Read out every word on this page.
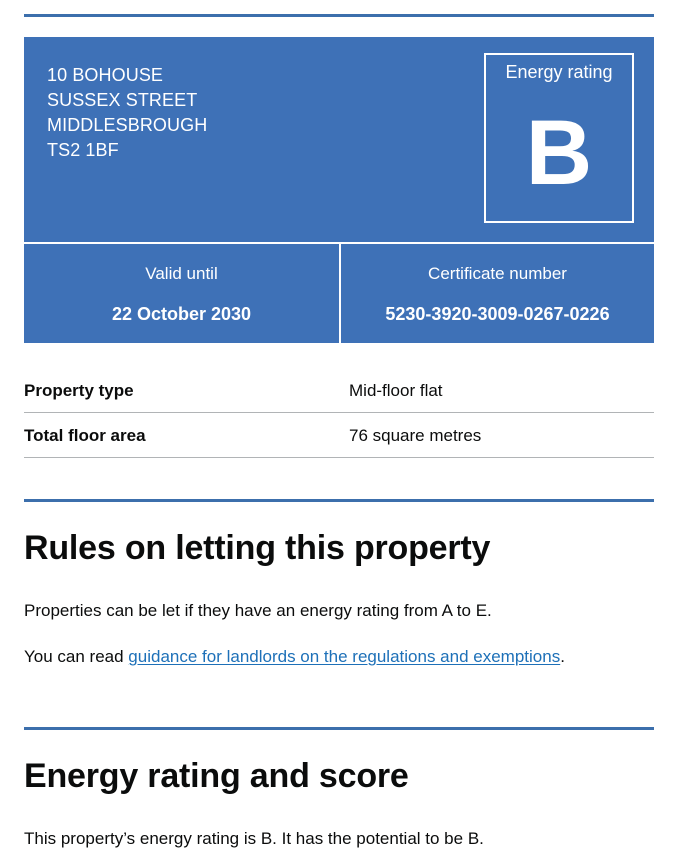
10 BOHOUSE
SUSSEX STREET
MIDDLESBROUGH
TS2 1BF
Energy rating
B
Valid until
22 October 2030
Certificate number
5230-3920-3009-0267-0226
Property type	Mid-floor flat
Total floor area	76 square metres
Rules on letting this property

Properties can be let if they have an energy rating from A to E.

You can read guidance for landlords on the regulations and exemptions.

Energy rating and score

This property’s energy rating is B. It has the potential to be B.
